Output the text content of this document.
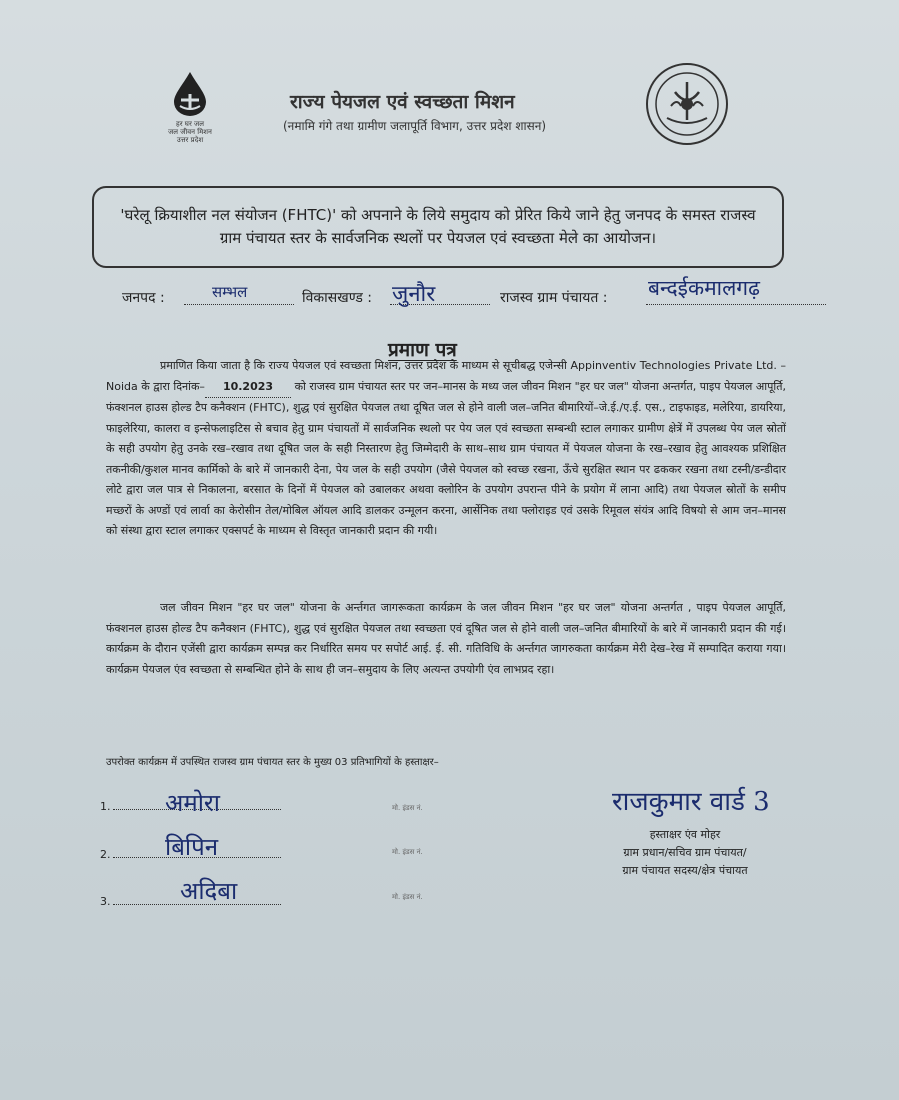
हर घर जल
जल जीवन मिशन
उत्तर प्रदेश
राज्य पेयजल एवं स्वच्छता मिशन
(नमामि गंगे तथा ग्रामीण जलापूर्ति विभाग, उत्तर प्रदेश शासन)
'घरेलू क्रियाशील नल संयोजन (FHTC)' को अपनाने के लिये समुदाय को प्रेरित किये जाने हेतु जनपद के समस्त राजस्व ग्राम पंचायत स्तर के सार्वजनिक स्थलों पर पेयजल एवं स्वच्छता मेले का आयोजन।
जनपद :	सम्भल	विकासखण्ड : जुनौर	राजस्व ग्राम पंचायत : बन्दईकमालगढ़
प्रमाण पत्र
प्रमाणित किया जाता है कि राज्य पेयजल एवं स्वच्छता मिशन, उत्तर प्रदेश के माध्यम से सूचीबद्ध एजेन्सी Appinventiv Technologies Private Ltd. – Noida के द्वारा दिनांक– 10.2023 को राजस्व ग्राम पंचायत स्तर पर जन–मानस के मध्य जल जीवन मिशन "हर घर जल" योजना अन्तर्गत, पाइप पेयजल आपूर्ति, फंक्शनल हाउस होल्ड टैप कनैक्शन (FHTC), शुद्ध एवं सुरक्षित पेयजल तथा दूषित जल से होने वाली जल–जनित बीमारियों–जे.ई./ए.ई. एस., टाइफाइड, मलेरिया, डायरिया, फाइलेरिया, कालरा व इन्सेफलाइटिस से बचाव हेतु ग्राम पंचायतों में सार्वजनिक स्थलो पर पेय जल एवं स्वच्छता सम्बन्धी स्टाल लगाकर ग्रामीण क्षेत्रें में उपलब्ध पेय जल स्रोतों के सही उपयोग हेतु उनके रख–रखाव तथा दूषित जल के सही निस्तारण हेतु जिम्मेदारी के साथ–साथ ग्राम पंचायत में पेयजल योजना के रख–रखाव हेतु आवश्यक प्रशिक्षित तकनीकी/कुशल मानव कार्मिको के बारे में जानकारी देना, पेय जल के सही उपयोग (जैसे पेयजल को स्वच्छ रखना, ऊँचे सुरक्षित स्थान पर ढककर रखना तथा टस्नी/डन्डीदार लोटे द्वारा जल पात्र से निकालना, बरसात के दिनों में पेयजल को उबालकर अथवा क्लोरिन के उपयोग उपरान्त पीने के प्रयोग में लाना आदि) तथा पेयजल स्रोतों के समीप मच्छरों के अण्डों एवं लार्वा का केरोसीन तेल/मोबिल ऑयल आदि डालकर उन्मूलन करना, आर्सेनिक तथा फ्लोराइड एवं उसके रिमूवल संयंत्र आदि विषयो से आम जन–मानस को संस्था द्वारा स्टाल लगाकर एक्सपर्ट के माध्यम से विस्तृत जानकारी प्रदान की गयी।
जल जीवन मिशन "हर घर जल" योजना के अर्न्तगत जागरूकता कार्यक्रम के जल जीवन मिशन "हर घर जल" योजना अन्तर्गत , पाइप पेयजल आपूर्ति, फंक्शनल हाउस होल्ड टैप कनैक्शन (FHTC), शुद्ध एवं सुरक्षित पेयजल तथा स्वच्छता एवं दूषित जल से होने वाली जल–जनित बीमारियों के बारे में जानकारी प्रदान की गई। कार्यक्रम के दौरान एजेंसी द्वारा कार्यक्रम सम्पन्न कर निर्धारित समय पर सपोर्ट आई. ई. सी. गतिविधि के अर्न्तगत जागरुकता कार्यक्रम मेरी देख–रेख में सम्पादित कराया गया। कार्यक्रम पेयजल एंव स्वच्छता से सम्बन्धित होने के साथ ही जन–समुदाय के लिए अत्यन्त उपयोगी एंव लाभप्रद रहा।
उपरोक्त कार्यक्रम में उपस्थित राजस्व ग्राम पंचायत स्तर के मुख्य 03 प्रतिभागियों के हस्ताक्षर–
1.	अमोरा	मो. इंडस नं.
2.	बिपिन	मो. इंडस नं.
3.	अदिबा	मो. इंडस नं.
राजकुमार वार्ड 3
हस्ताक्षर एंव मोहर
ग्राम प्रधान/सचिव ग्राम पंचायत/
ग्राम पंचायत सदस्य/क्षेत्र पंचायत
